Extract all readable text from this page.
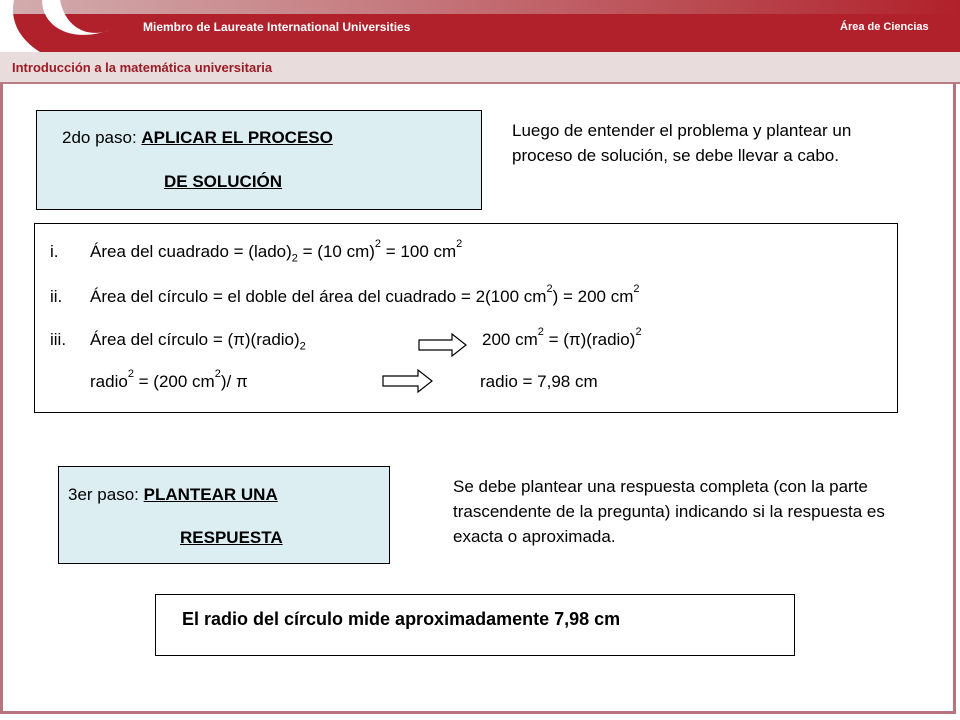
Miembro de Laureate International Universities	Área de Ciencias
Introducción a la matemática universitaria
2do paso: APLICAR EL PROCESO
DE SOLUCIÓN
Luego de entender el problema y plantear un proceso de solución, se debe llevar a cabo.
i. Área del cuadrado = $(lado)_2 = (10$ cm)$^2$ = 100 $cm^2$
ii. Área del círculo = el doble del área del cuadrado = 2(100 $cm^2) = 200$ $cm^2$
iii. Área del círculo = $(\pi)(radio)_2$	200 $cm^2$ = (π)(radio)$^2$
radio$^2$ = (200 $cm^2)/$ π	radio = 7,98 cm
3er paso: PLANTEAR UNA
RESPUESTA
Se debe plantear una respuesta completa (con la parte trascendente de la pregunta) indicando si la respuesta es exacta o aproximada.
El radio del círculo mide aproximadamente 7,98 cm
